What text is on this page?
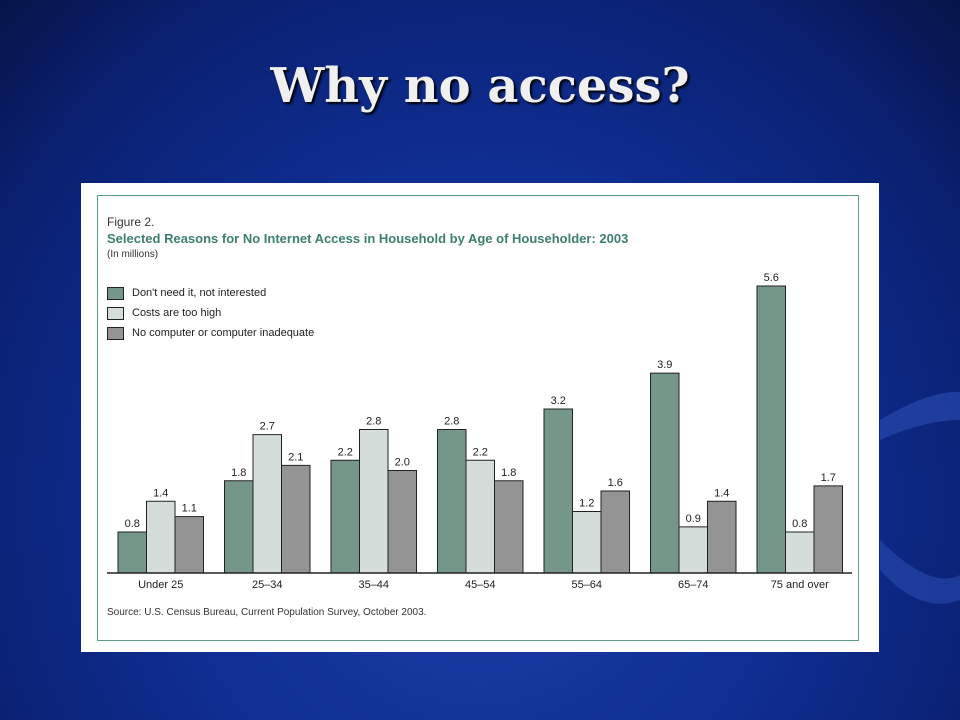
Why no access?
Figure 2.
Selected Reasons for No Internet Access in Household by Age of Householder: 2003
(In millions)
Don't need it, not interested
Costs are too high
No computer or computer inadequate
0.8
1.4
1.1
Under 25
1.8
2.7
2.1
25–34
2.2
2.8
2.0
35–44
2.8
2.2
1.8
45–54
3.2
1.2
1.6
55–64
3.9
0.9
1.4
65–74
5.6
0.8
1.7
75 and over
Source: U.S. Census Bureau, Current Population Survey, October 2003.
